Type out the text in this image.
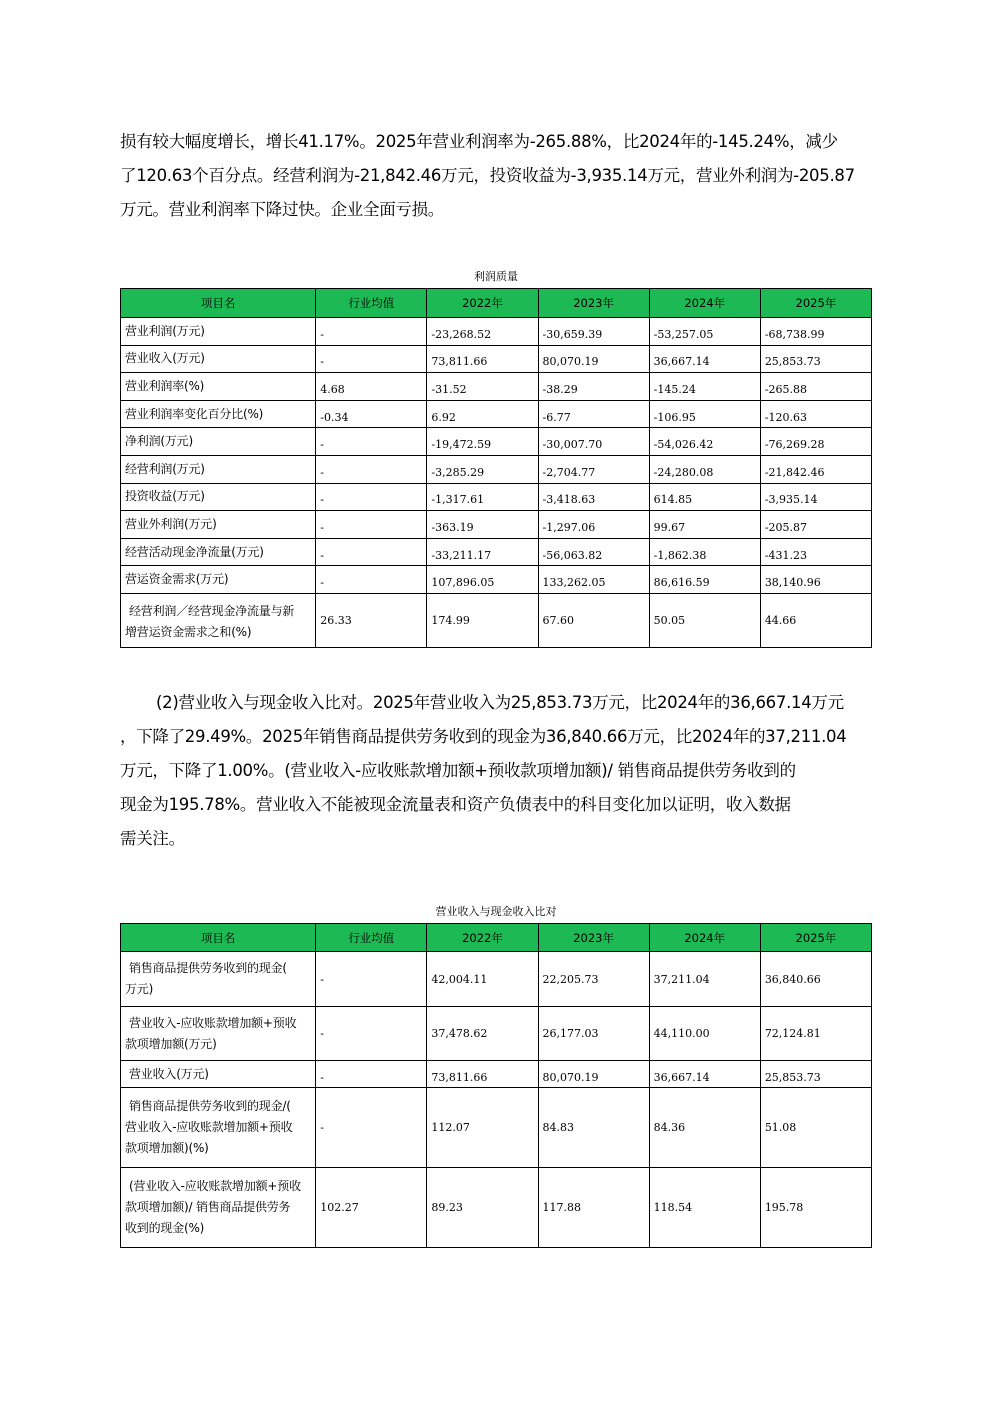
损有较大幅度增长，增长41.17%。2025年营业利润率为-265.88%，比2024年的-145.24%，减少
了120.63个百分点。经营利润为-21,842.46万元，投资收益为-3,935.14万元，营业外利润为-205.87
万元。营业利润率下降过快。企业全面亏损。
利润质量
项目名	行业均值	2022年	2023年	2024年	2025年
营业利润(万元)	-	-23,268.52	-30,659.39	-53,257.05	-68,738.99
营业收入(万元)	-	73,811.66	80,070.19	36,667.14	25,853.73
营业利润率(%)	4.68	-31.52	-38.29	-145.24	-265.88
营业利润率变化百分比(%)	-0.34	6.92	-6.77	-106.95	-120.63
净利润(万元)	-	-19,472.59	-30,007.70	-54,026.42	-76,269.28
经营利润(万元)	-	-3,285.29	-2,704.77	-24,280.08	-21,842.46
投资收益(万元)	-	-1,317.61	-3,418.63	614.85	-3,935.14
营业外利润(万元)	-	-363.19	-1,297.06	99.67	-205.87
经营活动现金净流量(万元)	-	-33,211.17	-56,063.82	-1,862.38	-431.23
营运资金需求(万元)	-	107,896.05	133,262.05	86,616.59	38,140.96

经营利润／经营现金净流量与新
增营运资金需求之和(%)	26.33	174.99	67.60	50.05	44.66
(2)营业收入与现金收入比对。2025年营业收入为25,853.73万元，比2024年的36,667.14万元
，下降了29.49%。2025年销售商品提供劳务收到的现金为36,840.66万元，比2024年的37,211.04
万元，下降了1.00%。(营业收入-应收账款增加额+预收款项增加额)/ 销售商品提供劳务收到的
现金为195.78%。营业收入不能被现金流量表和资产负债表中的科目变化加以证明，收入数据
需关注。
营业收入与现金收入比对
项目名	行业均值	2022年	2023年	2024年	2025年

销售商品提供劳务收到的现金(
万元)	-	42,004.11	22,205.73	37,211.04	36,840.66

营业收入-应收账款增加额+预收
款项增加额(万元)	-	37,478.62	26,177.03	44,110.00	72,124.81

营业收入(万元)	-	73,811.66	80,070.19	36,667.14	25,853.73

销售商品提供劳务收到的现金/(
营业收入-应收账款增加额+预收
款项增加额)(%)	-	112.07	84.83	84.36	51.08

(营业收入-应收账款增加额+预收
款项增加额)/ 销售商品提供劳务
收到的现金(%)	102.27	89.23	117.88	118.54	195.78
